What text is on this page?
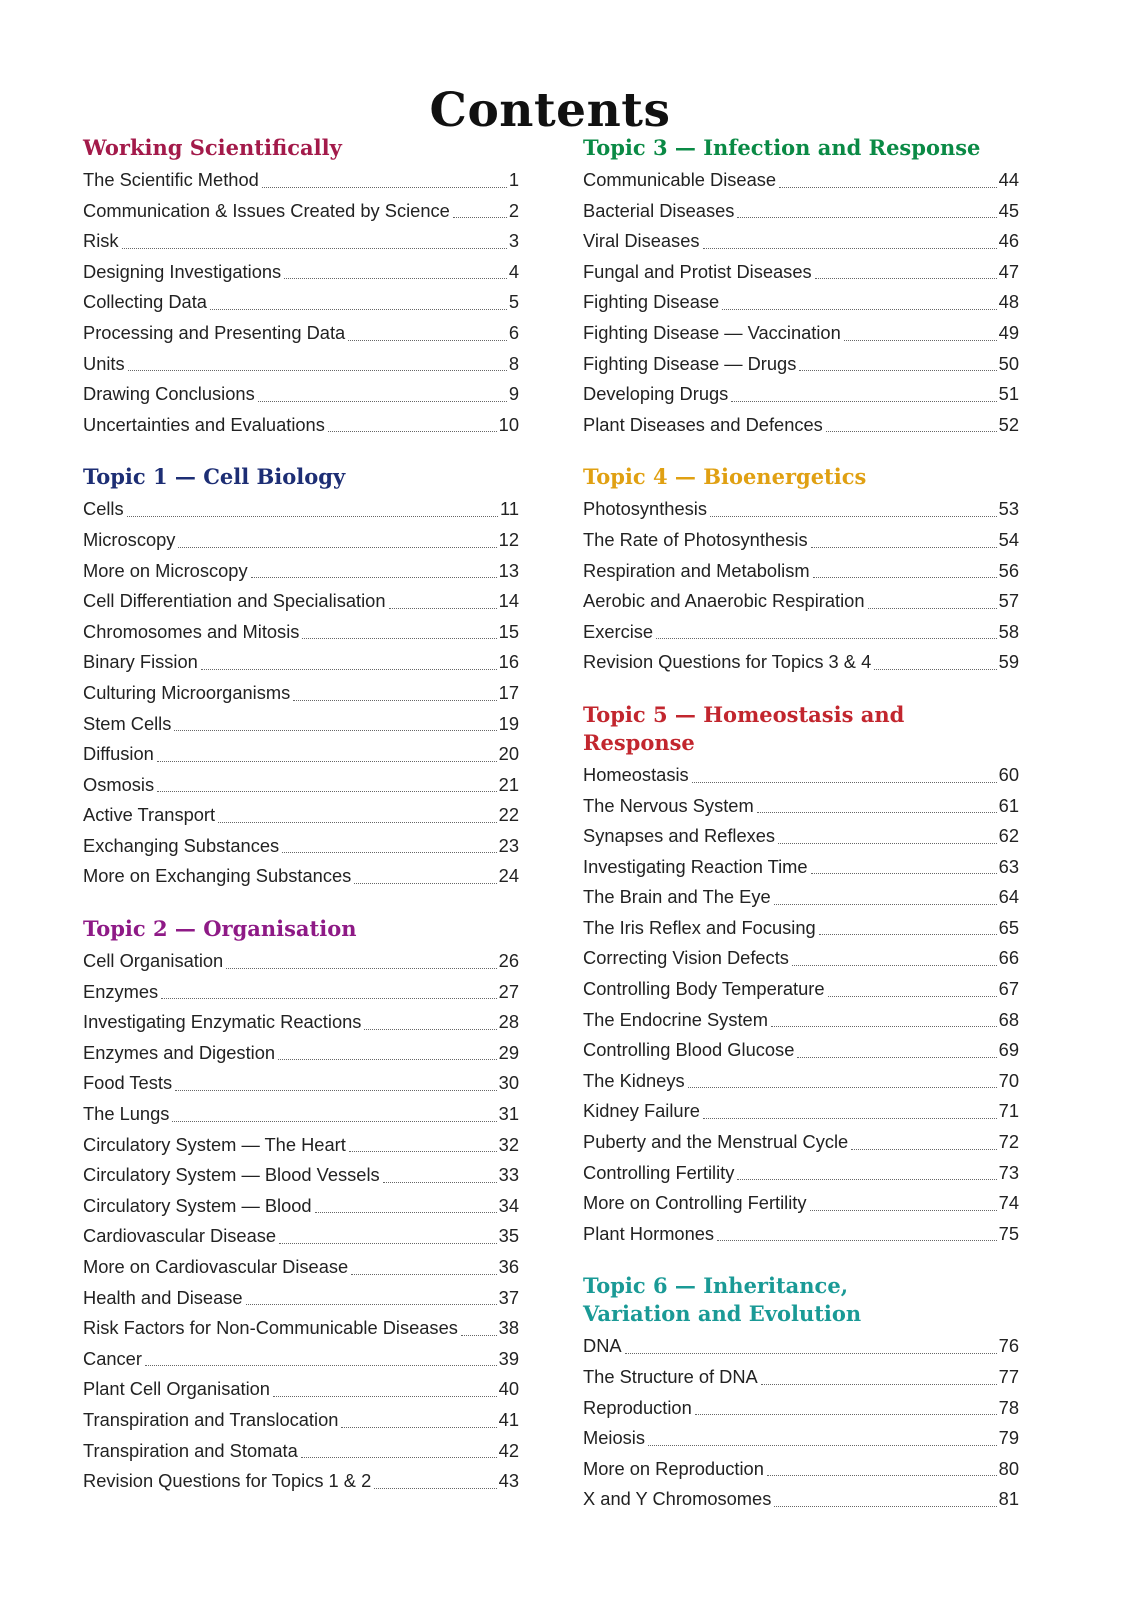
Contents
Working Scientifically
The Scientific Method	1
Communication & Issues Created by Science	2
Risk	3
Designing Investigations	4
Collecting Data	5
Processing and Presenting Data	6
Units	8
Drawing Conclusions	9
Uncertainties and Evaluations	10
Topic 1 — Cell Biology
Cells	11
Microscopy	12
More on Microscopy	13
Cell Differentiation and Specialisation	14
Chromosomes and Mitosis	15
Binary Fission	16
Culturing Microorganisms	17
Stem Cells	19
Diffusion	20
Osmosis	21
Active Transport	22
Exchanging Substances	23
More on Exchanging Substances	24
Topic 2 — Organisation
Cell Organisation	26
Enzymes	27
Investigating Enzymatic Reactions	28
Enzymes and Digestion	29
Food Tests	30
The Lungs	31
Circulatory System — The Heart	32
Circulatory System — Blood Vessels	33
Circulatory System — Blood	34
Cardiovascular Disease	35
More on Cardiovascular Disease	36
Health and Disease	37
Risk Factors for Non-Communicable Diseases 38
Cancer	39
Plant Cell Organisation	40
Transpiration and Translocation	41
Transpiration and Stomata	42
Revision Questions for Topics 1 & 2	43
Topic 3 — Infection and Response
Communicable Disease	44
Bacterial Diseases	45
Viral Diseases	46
Fungal and Protist Diseases	47
Fighting Disease	48
Fighting Disease — Vaccination	49
Fighting Disease — Drugs	50
Developing Drugs	51
Plant Diseases and Defences	52
Topic 4 — Bioenergetics
Photosynthesis	53
The Rate of Photosynthesis	54
Respiration and Metabolism	56
Aerobic and Anaerobic Respiration	57
Exercise	58
Revision Questions for Topics 3 & 4	59
Topic 5 — Homeostasis and Response
Homeostasis	60
The Nervous System	61
Synapses and Reflexes	62
Investigating Reaction Time	63
The Brain and The Eye	64
The Iris Reflex and Focusing	65
Correcting Vision Defects	66
Controlling Body Temperature	67
The Endocrine System	68
Controlling Blood Glucose	69
The Kidneys	70
Kidney Failure	71
Puberty and the Menstrual Cycle	72
Controlling Fertility	73
More on Controlling Fertility	74
Plant Hormones	75
Topic 6 — Inheritance, Variation and Evolution
DNA	76
The Structure of DNA	77
Reproduction	78
Meiosis	79
More on Reproduction	80
X and Y Chromosomes	81
